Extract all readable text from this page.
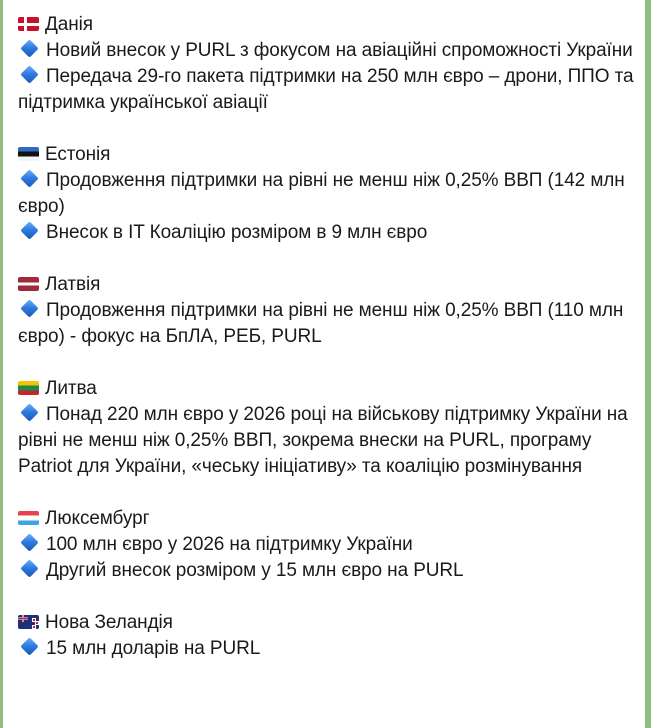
Данія
Новий внесок у PURL з фокусом на авіаційні спроможності України
Передача 29-го пакета підтримки на 250 млн євро – дрони, ППО та підтримка української авіації
Естонія
Продовження підтримки на рівні не менш ніж 0,25% ВВП (142 млн євро)
Внесок в IT Коаліцію розміром в 9 млн євро
Латвія
Продовження підтримки на рівні не менш ніж 0,25% ВВП (110 млн євро) - фокус на БпЛА, РЕБ, PURL
Литва
Понад 220 млн євро у 2026 році на військову підтримку України на рівні не менш ніж 0,25% ВВП, зокрема внески на PURL, програму Patriot для України, «чеську ініціативу» та коаліцію розмінування
Люксембург
100 млн євро у 2026 на підтримку України
Другий внесок розміром у 15 млн євро на PURL
Нова Зеландія
15 млн доларів на PURL
